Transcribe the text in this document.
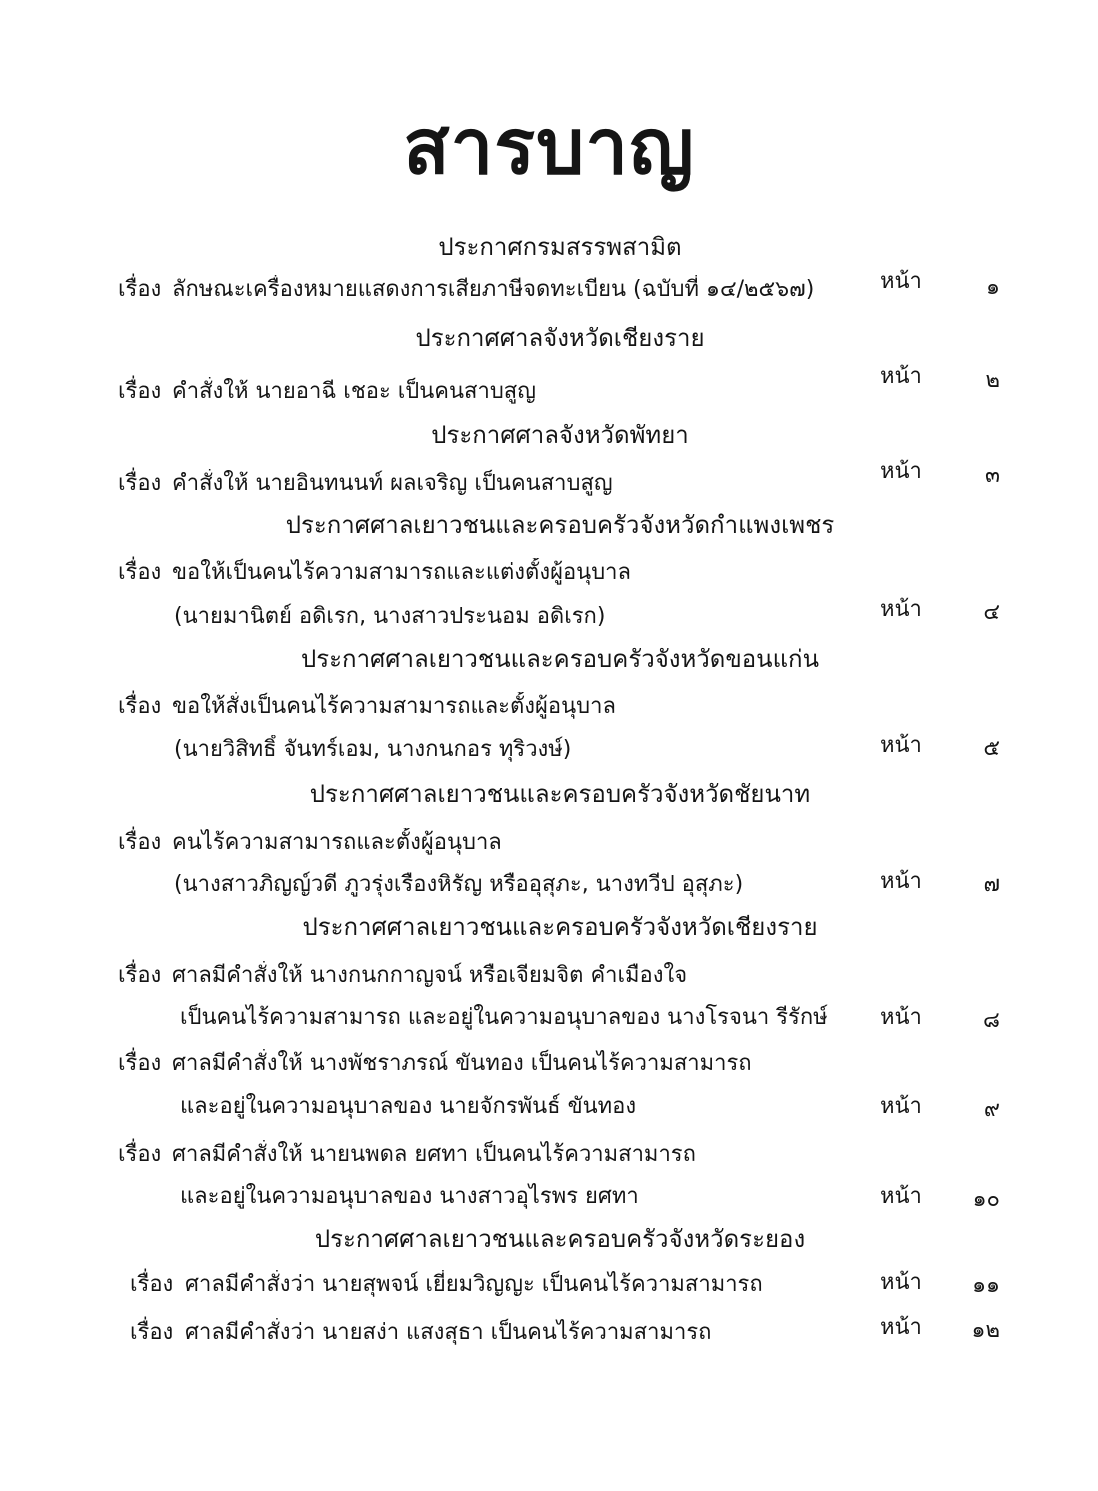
สารบาญ
ประกาศกรมสรรพสามิต
เรื่อง ลักษณะเครื่องหมายแสดงการเสียภาษีจดทะเบียน (ฉบับที่ ๑๔/๒๕๖๗)	หน้า	๑
ประกาศศาลจังหวัดเชียงราย
เรื่อง คำสั่งให้ นายอาฉี เชอะ เป็นคนสาบสูญ
หน้า	๒
ประกาศศาลจังหวัดพัทยา
เรื่อง คำสั่งให้ นายอินทนนท์ ผลเจริญ เป็นคนสาบสูญ	หน้า	๓
ประกาศศาลเยาวชนและครอบครัวจังหวัดกำแพงเพชร
เรื่อง ขอให้เป็นคนไร้ความสามารถและแต่งตั้งผู้อนุบาล
(นายมานิตย์ อดิเรก, นางสาวประนอม อดิเรก)	หน้า	๔
ประกาศศาลเยาวชนและครอบครัวจังหวัดขอนแก่น
เรื่อง ขอให้สั่งเป็นคนไร้ความสามารถและตั้งผู้อนุบาล
(นายวิสิทธิ์ จันทร์เอม, นางกนกอร ทุริวงษ์)	หน้า	๕
ประกาศศาลเยาวชนและครอบครัวจังหวัดชัยนาท
เรื่อง คนไร้ความสามารถและตั้งผู้อนุบาล
(นางสาวภิญญ์วดี ภูวรุ่งเรืองหิรัญ หรืออุสุภะ, นางทวีป อุสุภะ)	หน้า	๗
ประกาศศาลเยาวชนและครอบครัวจังหวัดเชียงราย
เรื่อง ศาลมีคำสั่งให้ นางกนกกาญจน์ หรือเจียมจิต คำเมืองใจ
เป็นคนไร้ความสามารถ และอยู่ในความอนุบาลของ นางโรจนา รีรักษ์	หน้า	๘
เรื่อง ศาลมีคำสั่งให้ นางพัชราภรณ์ ขันทอง เป็นคนไร้ความสามารถ
และอยู่ในความอนุบาลของ นายจักรพันธ์ ขันทอง	หน้า	๙
เรื่อง ศาลมีคำสั่งให้ นายนพดล ยศทา เป็นคนไร้ความสามารถ
และอยู่ในความอนุบาลของ นางสาวอุไรพร ยศทา	หน้า	๑๐
ประกาศศาลเยาวชนและครอบครัวจังหวัดระยอง
เรื่อง ศาลมีคำสั่งว่า นายสุพจน์ เยี่ยมวิญญะ เป็นคนไร้ความสามารถ	หน้า	๑๑
เรื่อง ศาลมีคำสั่งว่า นายสง่า แสงสุธา เป็นคนไร้ความสามารถ	หน้า	๑๒
